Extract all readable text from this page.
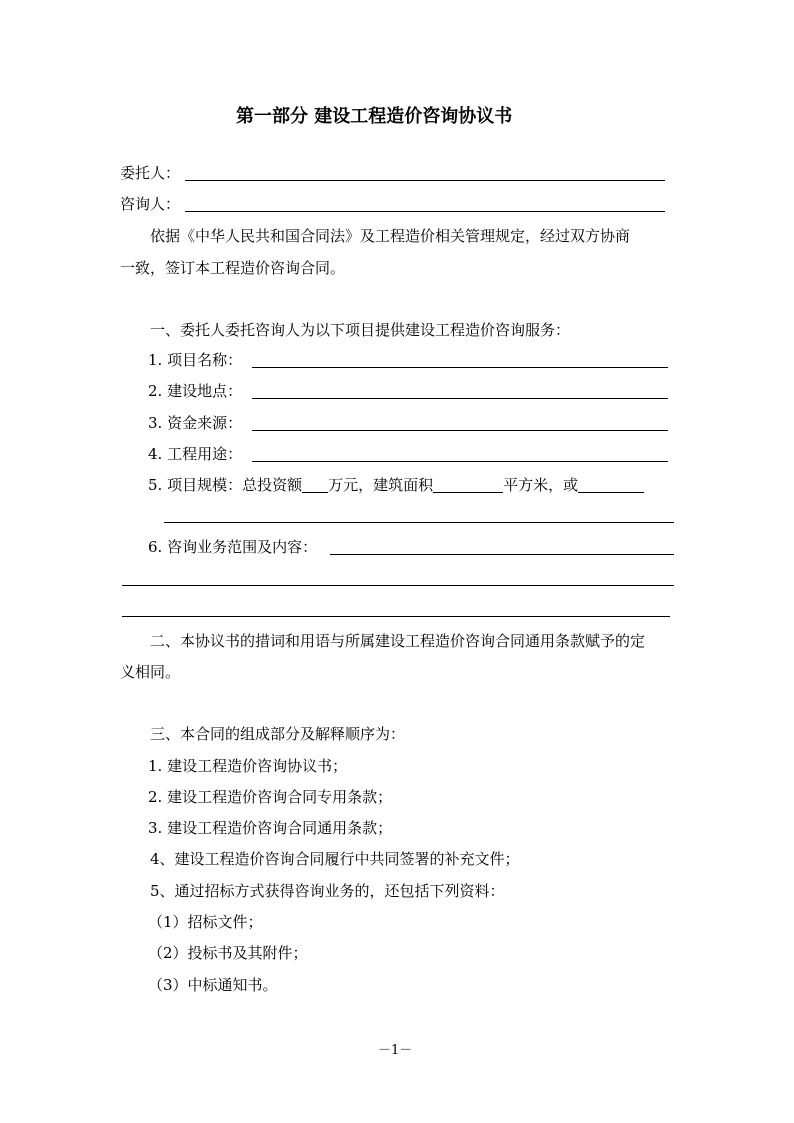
第一部分 建设工程造价咨询协议书
委托人：
咨询人：
依据《中华人民共和国合同法》及工程造价相关管理规定，经过双方协商
一致，签订本工程造价咨询合同。
一、委托人委托咨询人为以下项目提供建设工程造价咨询服务：
1. 项目名称：
2. 建设地点：
3. 资金来源：
4. 工程用途：
5. 项目规模：总投资额 万元，建筑面积	平方米，或
6. 咨询业务范围及内容：
二、本协议书的措词和用语与所属建设工程造价咨询合同通用条款赋予的定
义相同。
三、本合同的组成部分及解释顺序为：
1. 建设工程造价咨询协议书；
2. 建设工程造价咨询合同专用条款；
3. 建设工程造价咨询合同通用条款；
4、建设工程造价咨询合同履行中共同签署的补充文件；
5、通过招标方式获得咨询业务的，还包括下列资料：
（1）招标文件；
（2）投标书及其附件；
（3）中标通知书。
－1－
